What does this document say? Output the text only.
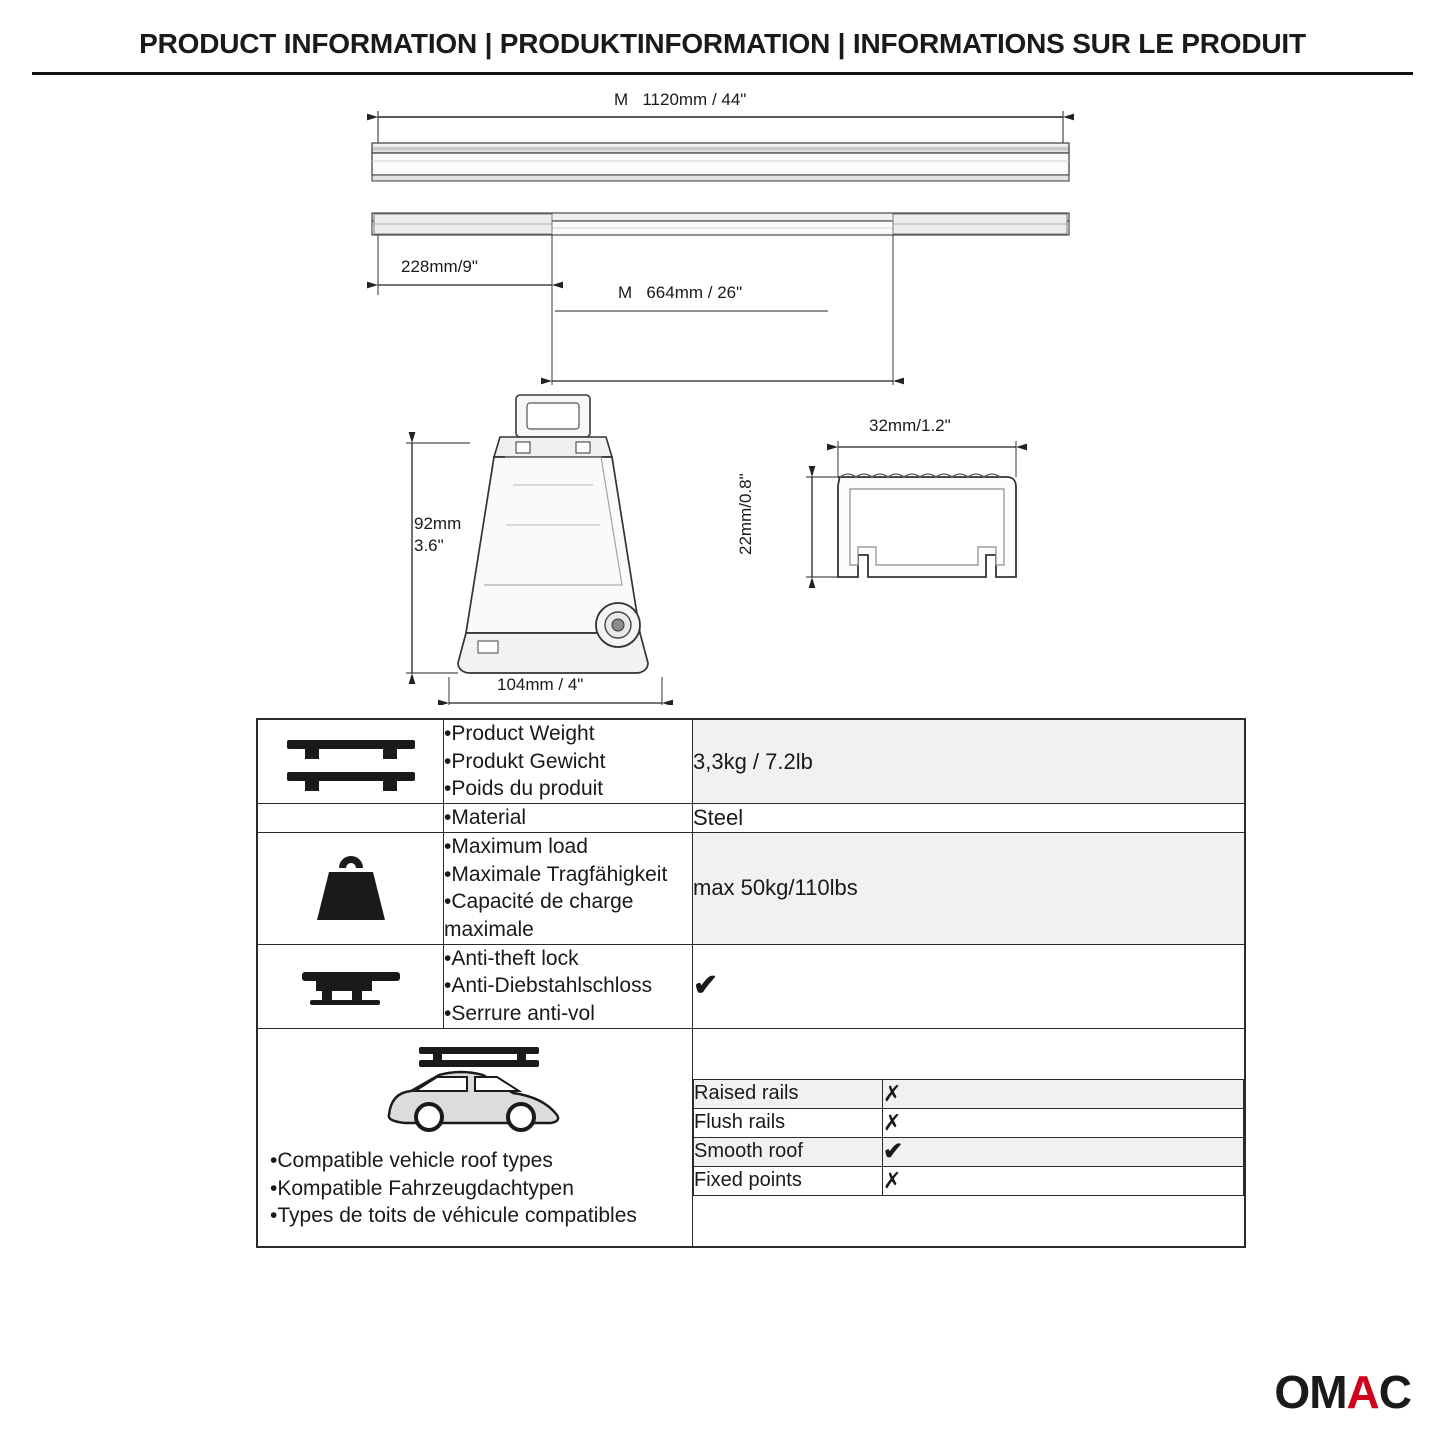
PRODUCT INFORMATION | PRODUKTINFORMATION | INFORMATIONS SUR LE PRODUIT
M 1120mm / 44"
228mm/9"
M 664mm / 26"
92mm
3.6"
104mm / 4"
32mm/1.2"
22mm/0.8"

•Product Weight
•Produkt Gewicht
•Poids du produit
	3,3kg / 7.2lb

•Material	Steel

•Maximum load
•Maximale Tragfähigkeit
•Capacité de charge maximale
	max 50kg/110lbs

•Anti-theft lock
•Anti-Diebstahlschloss
•Serrure anti-vol
	✔

•Compatible vehicle roof types
•Kompatible Fahrzeugdachtypen
•Types de toits de véhicule compatibles

Raised rails	✗
Flush rails	✗
Smooth roof	✔
Fixed points	✗
OMAC
